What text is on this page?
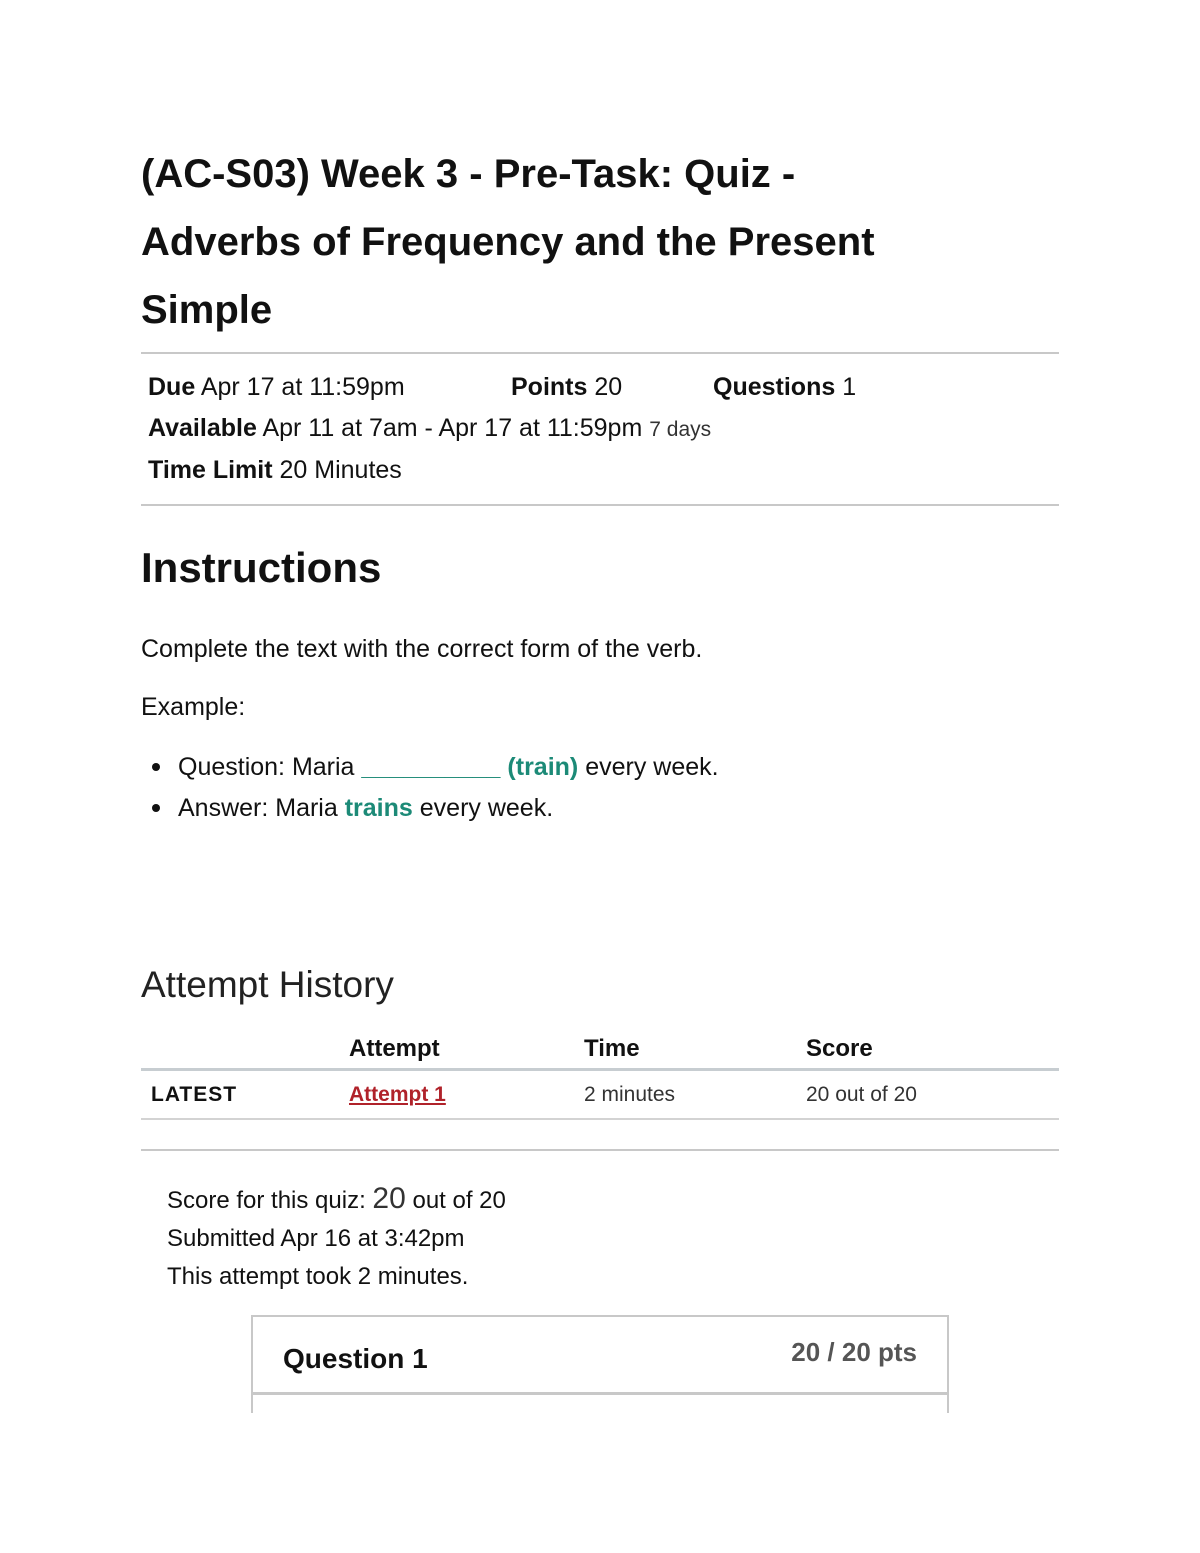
(AC-S03) Week 3 - Pre-Task: Quiz -
Adverbs of Frequency and the Present
Simple
Due Apr 17 at 11:59pm	Points 20	Questions 1
Available Apr 11 at 7am - Apr 17 at 11:59pm 7 days
Time Limit 20 Minutes
Instructions
Complete the text with the correct form of the verb.
Example:
Question: Maria __________ (train) every week.
Answer: Maria trains every week.
Attempt History
	Attempt	Time	Score
LATEST	Attempt 1	2 minutes	20 out of 20
Score for this quiz: 20 out of 20
Submitted Apr 16 at 3:42pm
This attempt took 2 minutes.
Question 1	20 / 20 pts
